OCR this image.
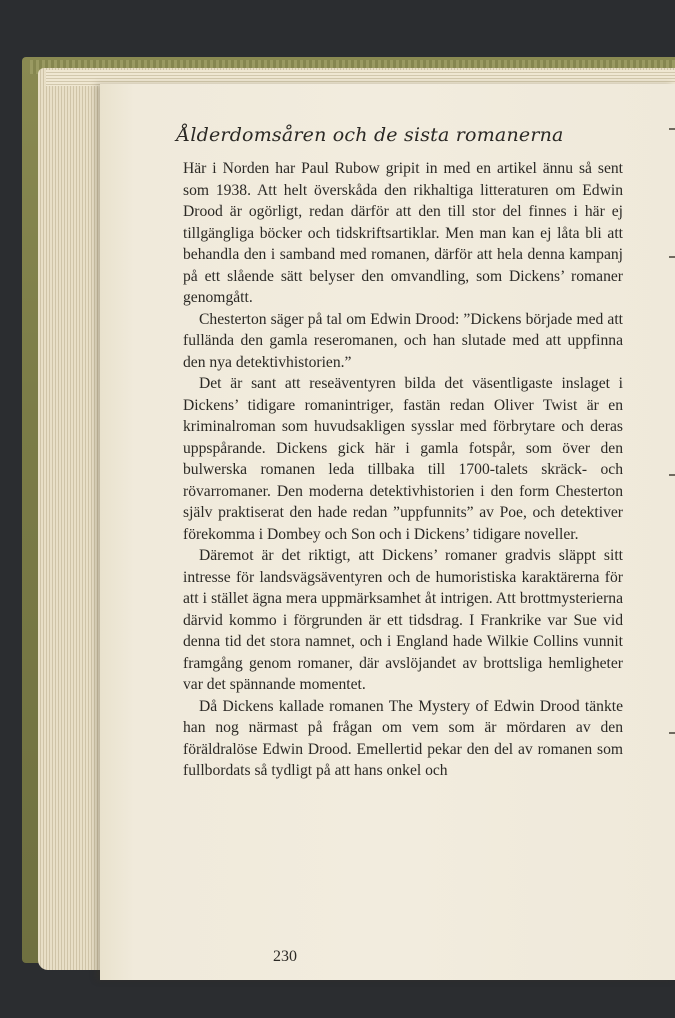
Ålderdomsåren och de sista romanerna

Här i Norden har Paul Rubow gripit in med en artikel ännu så sent som 1938. Att helt överskåda den rikhaltiga litteraturen om Edwin Drood är ogörligt, redan därför att den till stor del finnes i här ej tillgängliga böcker och tidskriftsartiklar. Men man kan ej låta bli att behandla den i samband med romanen, därför att hela denna kampanj på ett slående sätt belyser den omvandling, som Dickens’ romaner genomgått.

Chesterton säger på tal om Edwin Drood: ”Dickens började med att fulländа den gamla reseromanen, och han slutade med att uppfinna den nya detektivhistorien.”

Det är sant att reseäventyren bilda det väsentligaste inslaget i Dickens’ tidigare romanintriger, fastän redan Oliver Twist är en kriminalroman som huvudsakligen sysslar med förbrytare och deras uppspårande. Dickens gick här i gamla fotspår, som över den bulwerska romanen leda tillbaka till 1700-talets skräck- och rövarromaner. Den moderna detektivhistorien i den form Chesterton själv praktiserat den hade redan ”uppfunnits” av Poe, och detektiver förekomma i Dombey och Son och i Dickens’ tidigare noveller.

Däremot är det riktigt, att Dickens’ romaner gradvis släppt sitt intresse för landsvägsäventyren och de humoristiska karaktärerna för att i stället ägna mera uppmärksamhet åt intrigen. Att brottmysterierna därvid kommo i förgrunden är ett tidsdrag. I Frankrike var Sue vid denna tid det stora namnet, och i England hade Wilkie Collins vunnit framgång genom romaner, där avslöjandet av brottsliga hemligheter var det spännande momentet.

Då Dickens kallade romanen The Mystery of Edwin Drood tänkte han nog närmast på frågan om vem som är mördaren av den föräldralöse Edwin Drood. Emellertid pekar den del av romanen som fullbordats så tydligt på att hans onkel och

230
